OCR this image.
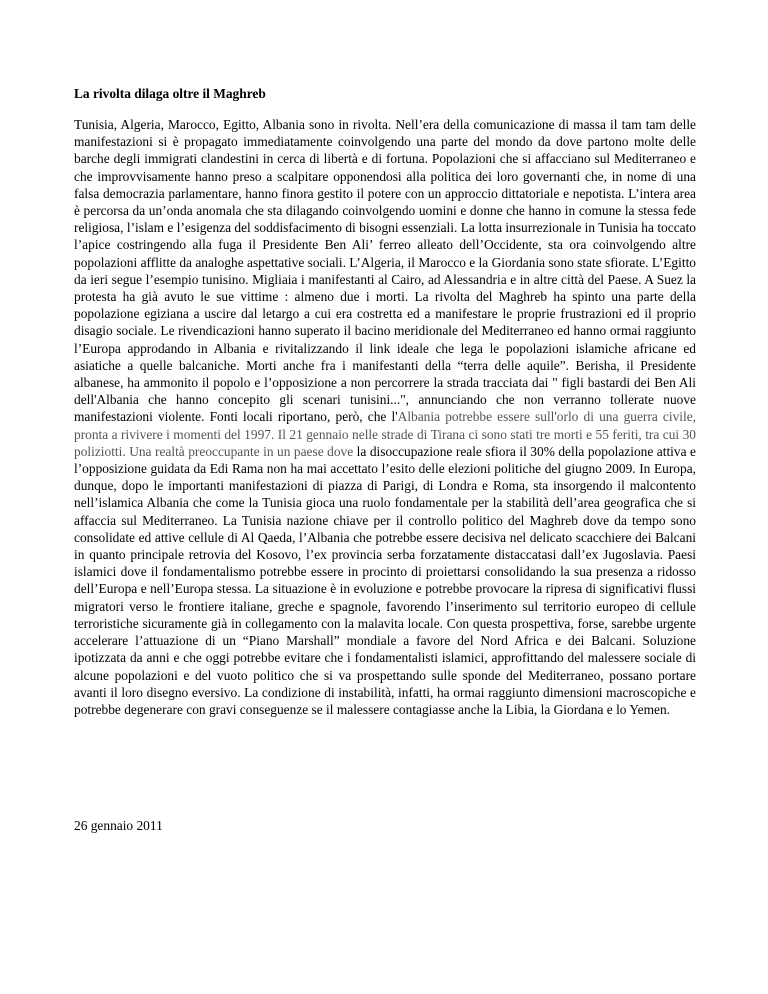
La rivolta dilaga oltre il Maghreb

Tunisia, Algeria, Marocco, Egitto, Albania sono in rivolta. Nell’era della comunicazione di massa il tam tam delle manifestazioni si è propagato immediatamente coinvolgendo una parte del mondo da dove partono molte delle barche degli immigrati clandestini in cerca di libertà e di fortuna. Popolazioni che si affacciano sul Mediterraneo e che improvvisamente hanno preso a scalpitare opponendosi alla politica dei loro governanti che, in nome di una falsa democrazia parlamentare, hanno finora gestito il potere con un approccio dittatoriale e nepotista. L’intera area è percorsa da un’onda anomala che sta dilagando coinvolgendo uomini e donne che hanno in comune la stessa fede religiosa, l’islam e l’esigenza del soddisfacimento di bisogni essenziali. La lotta insurrezionale in Tunisia ha toccato l’apice costringendo alla fuga il Presidente Ben Ali’ ferreo alleato dell’Occidente, sta ora coinvolgendo altre popolazioni afflitte da analoghe aspettative sociali. L’Algeria, il Marocco e la Giordania sono state sfiorate. L’Egitto da ieri segue l’esempio tunisino. Migliaia i manifestanti al Cairo, ad Alessandria e in altre città del Paese. A Suez la protesta ha già avuto le sue vittime : almeno due i morti. La rivolta del Maghreb ha spinto una parte della popolazione egiziana a uscire dal letargo a cui era costretta ed a manifestare le proprie frustrazioni ed il proprio disagio sociale. Le rivendicazioni hanno superato il bacino meridionale del Mediterraneo ed hanno ormai raggiunto l’Europa approdando in Albania e rivitalizzando il link ideale che lega le popolazioni islamiche africane ed asiatiche a quelle balcaniche. Morti anche fra i manifestanti della “terra delle aquile”. Berisha, il Presidente albanese, ha ammonito il popolo e l’opposizione a non percorrere la strada tracciata dai " figli bastardi dei Ben Ali dell'Albania che hanno concepito gli scenari tunisini...", annunciando che non verranno tollerate nuove manifestazioni violente. Fonti locali riportano, però, che l'Albania potrebbe essere sull'orlo di una guerra civile, pronta a rivivere i momenti del 1997. Il 21 gennaio nelle strade di Tirana ci sono stati tre morti e 55 feriti, tra cui 30 poliziotti. Una realtà preoccupante in un paese dove la disoccupazione reale sfiora il 30% della popolazione attiva e l’opposizione guidata da Edi Rama non ha mai accettato l’esito delle elezioni politiche del giugno 2009. In Europa, dunque, dopo le importanti manifestazioni di piazza di Parigi, di Londra e Roma, sta insorgendo il malcontento nell’islamica Albania che come la Tunisia gioca una ruolo fondamentale per la stabilità dell’area geografica che si affaccia sul Mediterraneo. La Tunisia nazione chiave per il controllo politico del Maghreb dove da tempo sono consolidate ed attive cellule di Al Qaeda, l’Albania che potrebbe essere decisiva nel delicato scacchiere dei Balcani in quanto principale retrovia del Kosovo, l’ex provincia serba forzatamente distaccatasi dall’ex Jugoslavia. Paesi islamici dove il fondamentalismo potrebbe essere in procinto di proiettarsi consolidando la sua presenza a ridosso dell’Europa e nell’Europa stessa. La situazione è in evoluzione e potrebbe provocare la ripresa di significativi flussi migratori verso le frontiere italiane, greche e spagnole, favorendo l’inserimento sul territorio europeo di cellule terroristiche sicuramente già in collegamento con la malavita locale. Con questa prospettiva, forse, sarebbe urgente accelerare l’attuazione di un “Piano Marshall” mondiale a favore del Nord Africa e dei Balcani. Soluzione ipotizzata da anni e che oggi potrebbe evitare che i fondamentalisti islamici, approfittando del malessere sociale di alcune popolazioni e del vuoto politico che si va prospettando sulle sponde del Mediterraneo, possano portare avanti il loro disegno eversivo. La condizione di instabilità, infatti, ha ormai raggiunto dimensioni macroscopiche e potrebbe degenerare con gravi conseguenze se il malessere contagiasse anche la Libia, la Giordana e lo Yemen.

26 gennaio 2011
